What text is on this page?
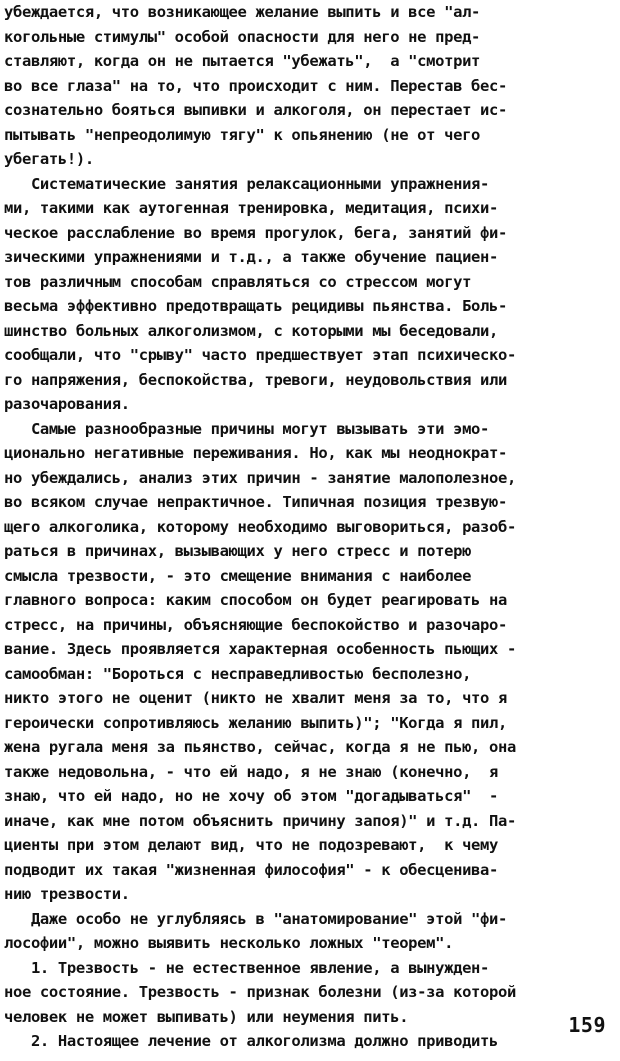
убеждается, что возникающее желание выпить и все "ал-
когольные стимулы" особой опасности для него не пред-
ставляют, когда он не пытается "убежать",  а "смотрит
во все глаза" на то, что происходит с ним. Перестав бес-
сознательно бояться выпивки и алкоголя, он перестает ис-
пытывать "непреодолимую тягу" к опьянению (не от чего
убегать!).
Систематические занятия релаксационными упражнения-
ми, такими как аутогенная тренировка, медитация, психи-
ческое расслабление во время прогулок, бега, занятий фи-
зическими упражнениями и т.д., а также обучение пациен-
тов различным способам справляться со стрессом могут
весьма эффективно предотвращать рецидивы пьянства. Боль-
шинство больных алкоголизмом, с которыми мы беседовали,
сообщали, что "срыву" часто предшествует этап психическо-
го напряжения, беспокойства, тревоги, неудовольствия или
разочарования.
Самые разнообразные причины могут вызывать эти эмо-
ционально негативные переживания. Но, как мы неоднократ-
но убеждались, анализ этих причин - занятие малополезное,
во всяком случае непрактичное. Типичная позиция трезвую-
щего алкоголика, которому необходимо выговориться, разоб-
раться в причинах, вызывающих у него стресс и потерю
смысла трезвости, - это смещение внимания с наиболее
главного вопроса: каким способом он будет реагировать на
стресс, на причины, объясняющие беспокойство и разочаро-
вание. Здесь проявляется характерная особенность пьющих -
самообман: "Бороться с несправедливостью бесполезно,
никто этого не оценит (никто не хвалит меня за то, что я
героически сопротивляюсь желанию выпить)"; "Когда я пил,
жена ругала меня за пьянство, сейчас, когда я не пью, она
также недовольна, - что ей надо, я не знаю (конечно,  я
знаю, что ей надо, но не хочу об этом "догадываться"  -
иначе, как мне потом объяснить причину запоя)" и т.д. Па-
циенты при этом делают вид, что не подозревают,  к чему
подводит их такая "жизненная философия" - к обесценива-
нию трезвости.
Даже особо не углубляясь в "анатомирование" этой "фи-
лософии", можно выявить несколько ложных "теорем".
1. Трезвость - не естественное явление, а вынужден-
ное состояние. Трезвость - признак болезни (из-за которой
человек не может выпивать) или неумения пить.
2. Настоящее лечение от алкоголизма должно приводить
159
